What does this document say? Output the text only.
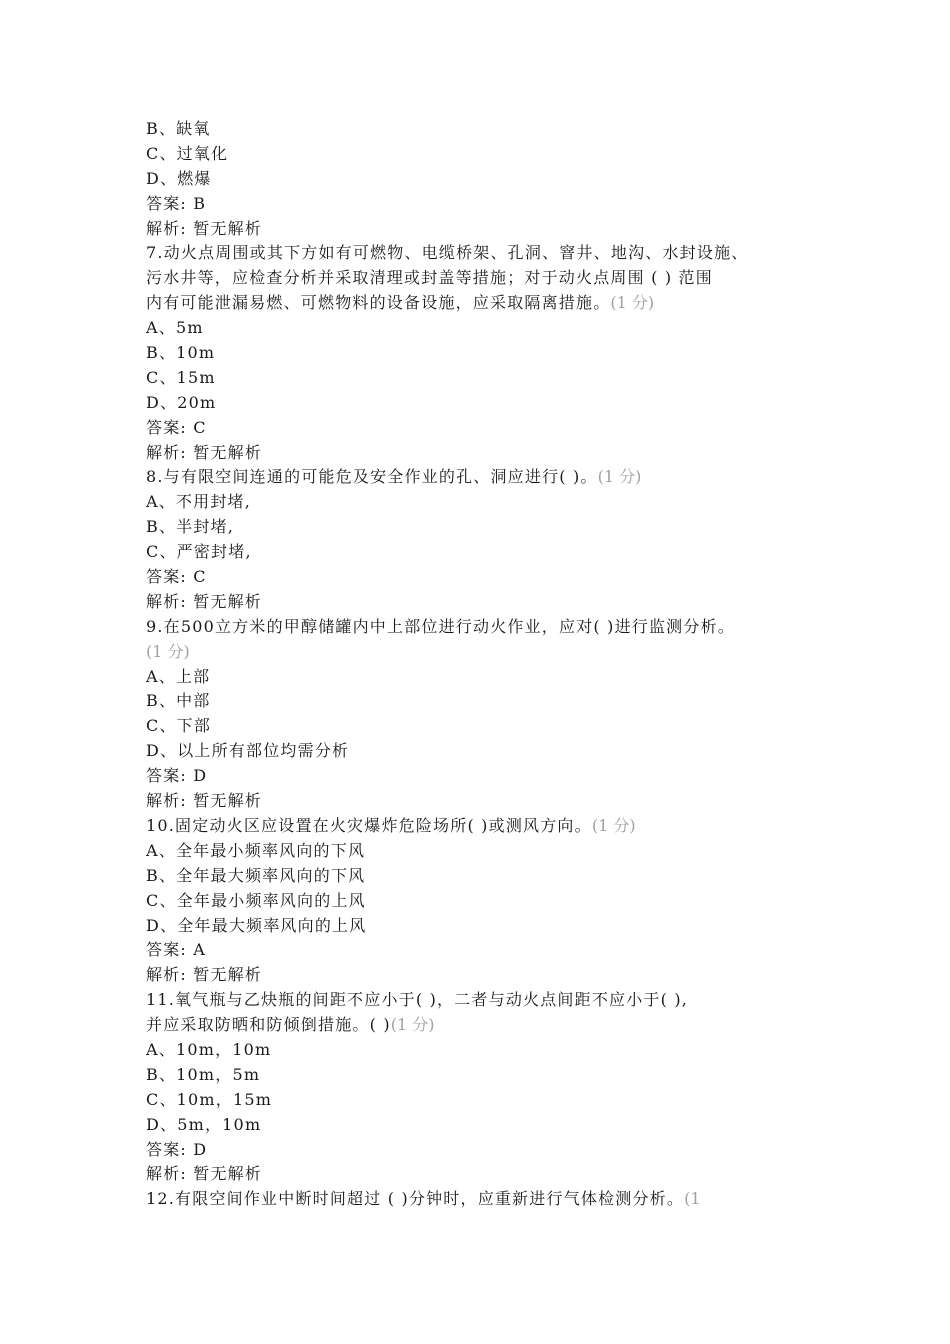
B、缺氧
C、过氧化
D、燃爆
答案: B
解析: 暂无解析
7.动火点周围或其下方如有可燃物、电缆桥架、孔洞、窨井、地沟、水封设施、
污水井等，应检查分析并采取清理或封盖等措施；对于动火点周围 ( ) 范围
内有可能泄漏易燃、可燃物料的设备设施，应采取隔离措施。(1 分)
A、5m
B、10m
C、15m
D、20m
答案: C
解析: 暂无解析
8.与有限空间连通的可能危及安全作业的孔、洞应进行( )。(1 分)
A、不用封堵,
B、半封堵,
C、严密封堵,
答案: C
解析: 暂无解析
9.在500立方米的甲醇储罐内中上部位进行动火作业，应对( )进行监测分析。
(1 分)
A、上部
B、中部
C、下部
D、以上所有部位均需分析
答案: D
解析: 暂无解析
10.固定动火区应设置在火灾爆炸危险场所( )或测风方向。(1 分)
A、全年最小频率风向的下风
B、全年最大频率风向的下风
C、全年最小频率风向的上风
D、全年最大频率风向的上风
答案: A
解析: 暂无解析
11.氧气瓶与乙炔瓶的间距不应小于( )，二者与动火点间距不应小于( ),
并应采取防晒和防倾倒措施。( )(1 分)
A、10m，10m
B、10m，5m
C、10m，15m
D、5m，10m
答案: D
解析: 暂无解析
12.有限空间作业中断时间超过 ( )分钟时，应重新进行气体检测分析。(1
